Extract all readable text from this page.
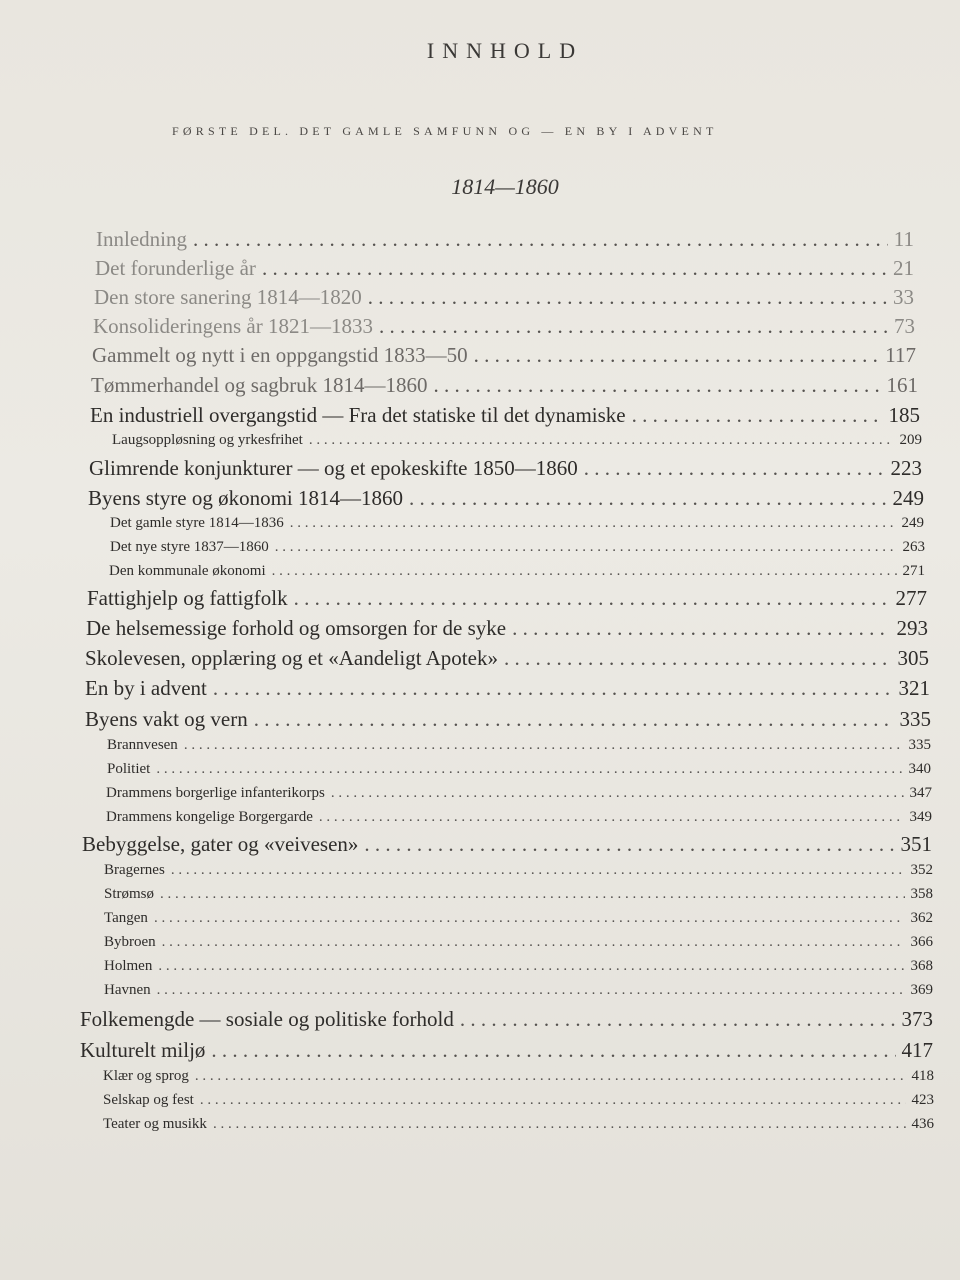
INNHOLD
FØRSTE DEL. DET GAMLE SAMFUNN OG — EN BY I ADVENT
1814—1860
Innledning . . .	11
Det forunderlige år . . .	21
Den store sanering 1814—1820 . . .	33
Konsolideringens år 1821—1833 . . .	73
Gammelt og nytt i en oppgangstid 1833—50 . . .	117
Tømmerhandel og sagbruk 1814—1860 . . .	161
En industriell overgangstid — Fra det statiske til det dynamiske . . .	185
Laugsoppløsning og yrkesfrihet . . .	209
Glimrende konjunkturer — og et epokeskifte 1850—1860 . . .	223
Byens styre og økonomi 1814—1860 . . .	249
Det gamle styre 1814—1836 . . .	249
Det nye styre 1837—1860 . . .	263
Den kommunale økonomi . . .	271
Fattighjelp og fattigfolk . . .	277
De helsemessige forhold og omsorgen for de syke . . .	293
Skolevesen, opplæring og et «Aandeligt Apotek» . . .	305
En by i advent . . .	321
Byens vakt og vern . . .	335
Brannvesen . . .	335
Politiet . . .	340
Drammens borgerlige infanterikorps . . .	347
Drammens kongelige Borgergarde . . .	349
Bebyggelse, gater og «veivesen» . . .	351
Bragernes . . .	352
Strømsø . . .	358
Tangen . . .	362
Bybroen . . .	366
Holmen . . .	368
Havnen . . .	369
Folkemengde — sosiale og politiske forhold . . .	373
Kulturelt miljø . . .	417
Klær og sprog . . .	418
Selskap og fest . . .	423
Teater og musikk . . .	436
